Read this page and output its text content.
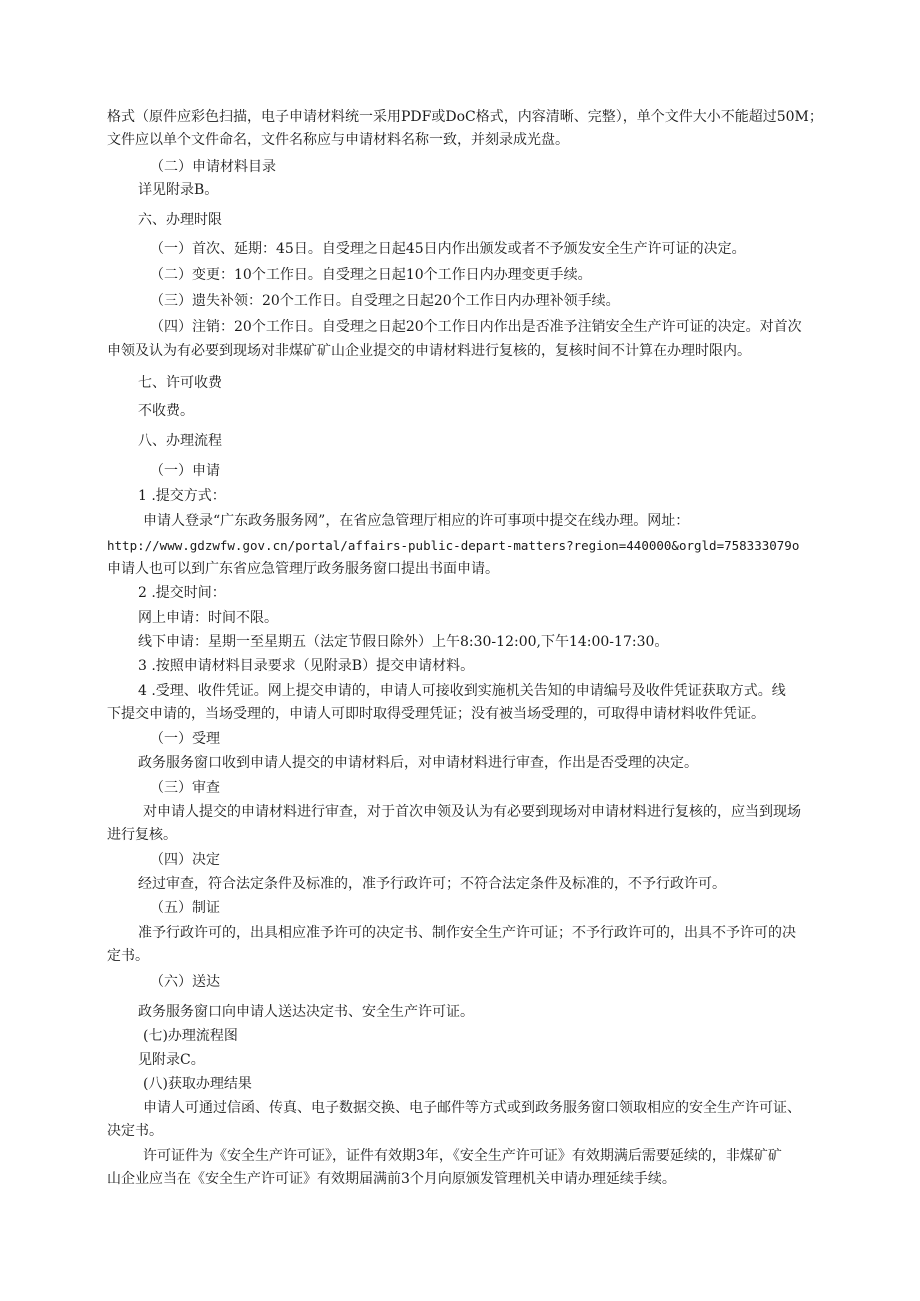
格式（原件应彩色扫描，电子申请材料统一采用PDF或DoC格式，内容清晰、完整），单个文件大小不能超过50M；
文件应以单个文件命名，文件名称应与申请材料名称一致，并刻录成光盘。
（二）申请材料目录
详见附录B。
六、办理时限
（一）首次、延期：45日。自受理之日起45日内作出颁发或者不予颁发安全生产许可证的决定。
（二）变更：10个工作日。自受理之日起10个工作日内办理变更手续。
（三）遗失补领：20个工作日。自受理之日起20个工作日内办理补领手续。
（四）注销：20个工作日。自受理之日起20个工作日内作出是否准予注销安全生产许可证的决定。对首次
申领及认为有必要到现场对非煤矿矿山企业提交的申请材料进行复核的，复核时间不计算在办理时限内。
七、许可收费
不收费。
八、办理流程
（一）申请
1 .提交方式：
申请人登录“广东政务服务网”，在省应急管理厅相应的许可事项中提交在线办理。网址：
http://www.gdzwfw.gov.cn/portal/affairs-public-depart-matters?region=440000&orgld=758333079o
申请人也可以到广东省应急管理厅政务服务窗口提出书面申请。
2 .提交时间：
网上申请：时间不限。
线下申请：星期一至星期五（法定节假日除外）上午8:30-12:00,下午14:00-17:30。
3 .按照申请材料目录要求（见附录B）提交申请材料。
4 .受理、收件凭证。网上提交申请的，申请人可接收到实施机关告知的申请编号及收件凭证获取方式。线
下提交申请的，当场受理的，申请人可即时取得受理凭证；没有被当场受理的，可取得申请材料收件凭证。
（一）受理
政务服务窗口收到申请人提交的申请材料后，对申请材料进行审查，作出是否受理的决定。
（三）审查
对申请人提交的申请材料进行审查，对于首次申领及认为有必要到现场对申请材料进行复核的，应当到现场
进行复核。
（四）决定
经过审查，符合法定条件及标准的，准予行政许可；不符合法定条件及标准的，不予行政许可。
（五）制证
准予行政许可的，出具相应准予许可的决定书、制作安全生产许可证；不予行政许可的，出具不予许可的决
定书。
（六）送达
政务服务窗口向申请人送达决定书、安全生产许可证。
(七)办理流程图
见附录C。
(八)获取办理结果
申请人可通过信函、传真、电子数据交换、电子邮件等方式或到政务服务窗口领取相应的安全生产许可证、
决定书。
许可证件为《安全生产许可证》，证件有效期3年，《安全生产许可证》有效期满后需要延续的，非煤矿矿
山企业应当在《安全生产许可证》有效期届满前3个月向原颁发管理机关申请办理延续手续。
